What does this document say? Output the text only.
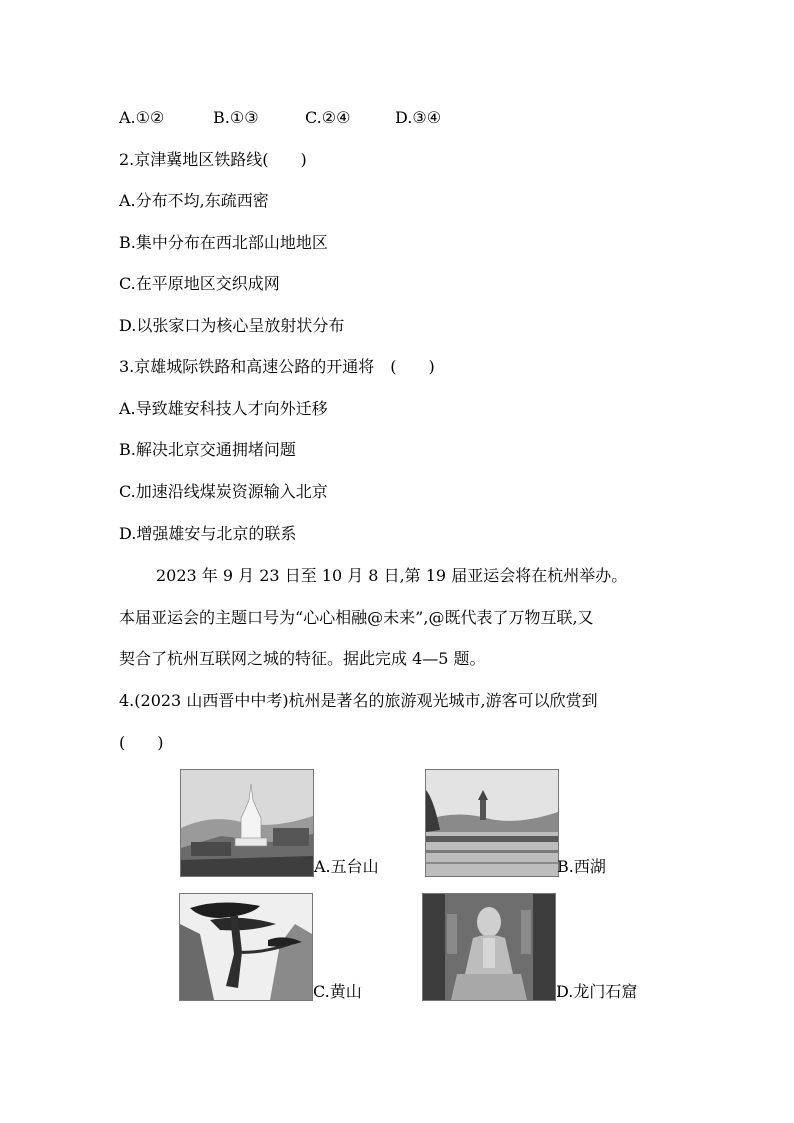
A.①②	B.①③	C.②④	D.③④
2.京津冀地区铁路线(　　)
A.分布不均,东疏西密
B.集中分布在西北部山地地区
C.在平原地区交织成网
D.以张家口为核心呈放射状分布
3.京雄城际铁路和高速公路的开通将　(　　)
A.导致雄安科技人才向外迁移
B.解决北京交通拥堵问题
C.加速沿线煤炭资源输入北京
D.增强雄安与北京的联系
2023 年 9 月 23 日至 10 月 8 日,第 19 届亚运会将在杭州举办。
本届亚运会的主题口号为“心心相融@未来”,@既代表了万物互联,又
契合了杭州互联网之城的特征。据此完成 4—5 题。
4.(2023 山西晋中中考)杭州是著名的旅游观光城市,游客可以欣赏到
(　　)
A.五台山	B.西湖
C.黄山	D.龙门石窟
